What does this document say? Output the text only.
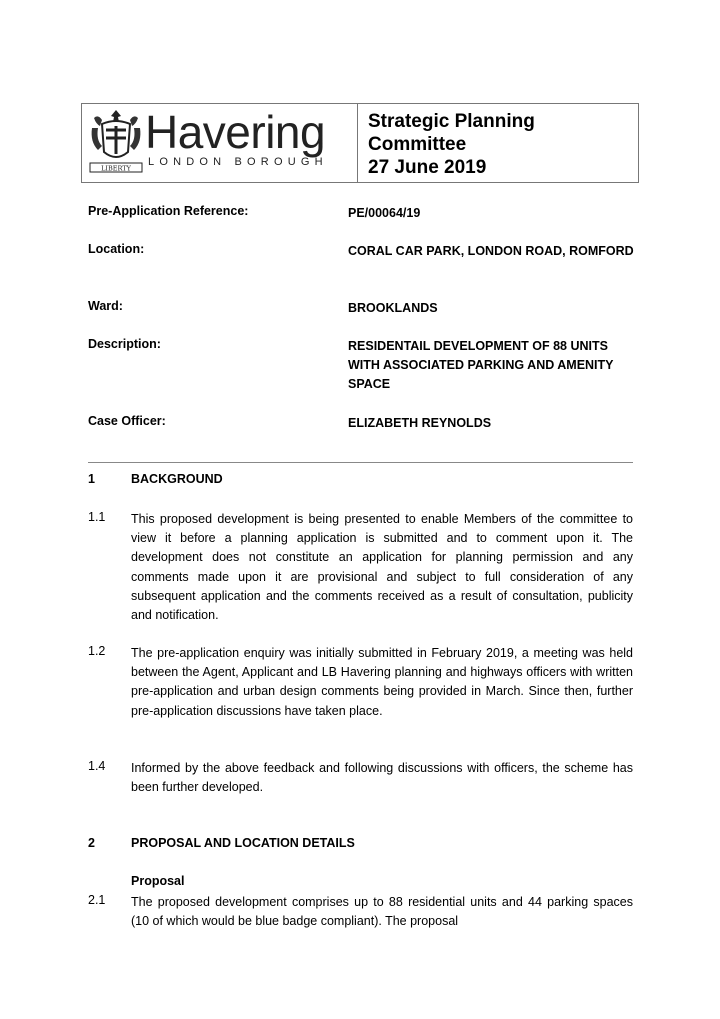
LIBERTY
Havering
LONDON BOROUGH
Strategic Planning
Committee
27 June 2019
Pre-Application Reference:	PE/00064/19
Location:	CORAL CAR PARK, LONDON ROAD, ROMFORD
Ward:	BROOKLANDS
Description:	RESIDENTAIL DEVELOPMENT OF 88 UNITS WITH ASSOCIATED PARKING AND AMENITY SPACE
Case Officer:	ELIZABETH REYNOLDS
1	BACKGROUND
1.1 This proposed development is being presented to enable Members of the committee to view it before a planning application is submitted and to comment upon it. The development does not constitute an application for planning permission and any comments made upon it are provisional and subject to full consideration of any subsequent application and the comments received as a result of consultation, publicity and notification.
1.2 The pre-application enquiry was initially submitted in February 2019, a meeting was held between the Agent, Applicant and LB Havering planning and highways officers with written pre-application and urban design comments being provided in March. Since then, further pre-application discussions have taken place.
1.4 Informed by the above feedback and following discussions with officers, the scheme has been further developed.
2	PROPOSAL AND LOCATION DETAILS
Proposal
2.1 The proposed development comprises up to 88 residential units and 44 parking spaces (10 of which would be blue badge compliant). The proposal
